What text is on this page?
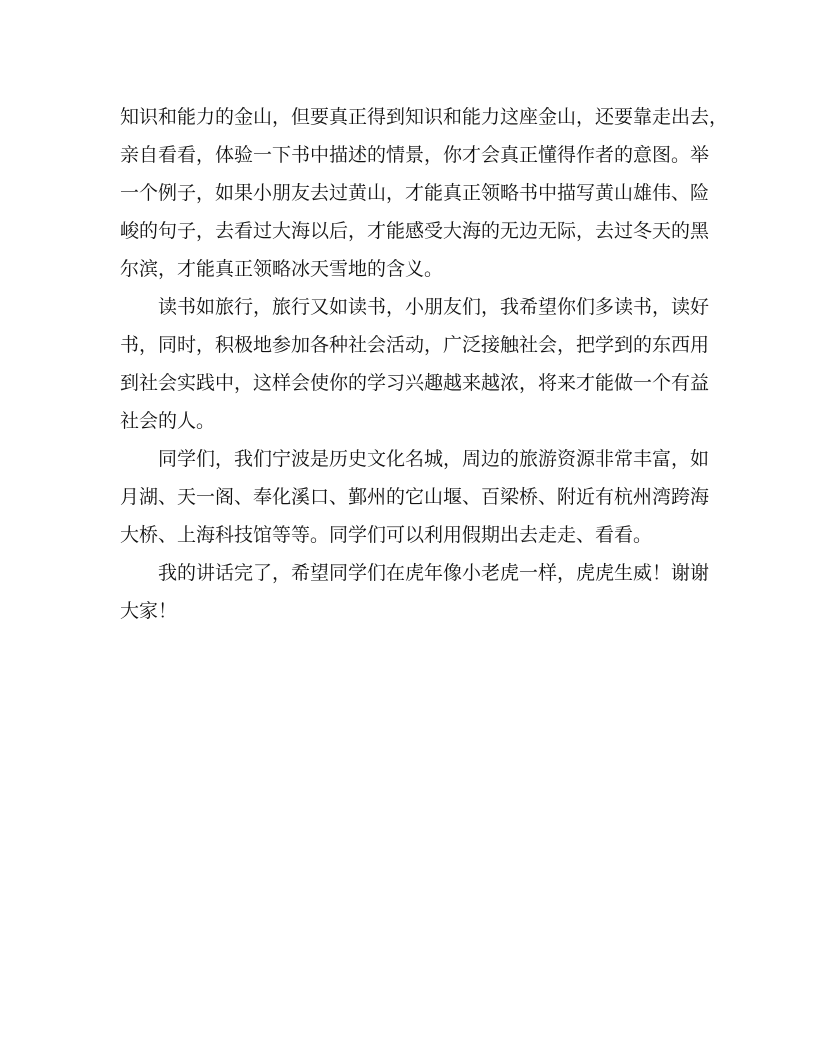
知识和能力的金山，但要真正得到知识和能力这座金山，还要靠走出去，
亲自看看，体验一下书中描述的情景，你才会真正懂得作者的意图。举
一个例子，如果小朋友去过黄山，才能真正领略书中描写黄山雄伟、险
峻的句子，去看过大海以后，才能感受大海的无边无际，去过冬天的黑
尔滨，才能真正领略冰天雪地的含义。
读书如旅行，旅行又如读书，小朋友们，我希望你们多读书，读好
书，同时，积极地参加各种社会活动，广泛接触社会，把学到的东西用
到社会实践中，这样会使你的学习兴趣越来越浓，将来才能做一个有益
社会的人。
同学们，我们宁波是历史文化名城，周边的旅游资源非常丰富，如
月湖、天一阁、奉化溪口、鄞州的它山堰、百梁桥、附近有杭州湾跨海
大桥、上海科技馆等等。同学们可以利用假期出去走走、看看。
我的讲话完了，希望同学们在虎年像小老虎一样，虎虎生威！谢谢
大家！
